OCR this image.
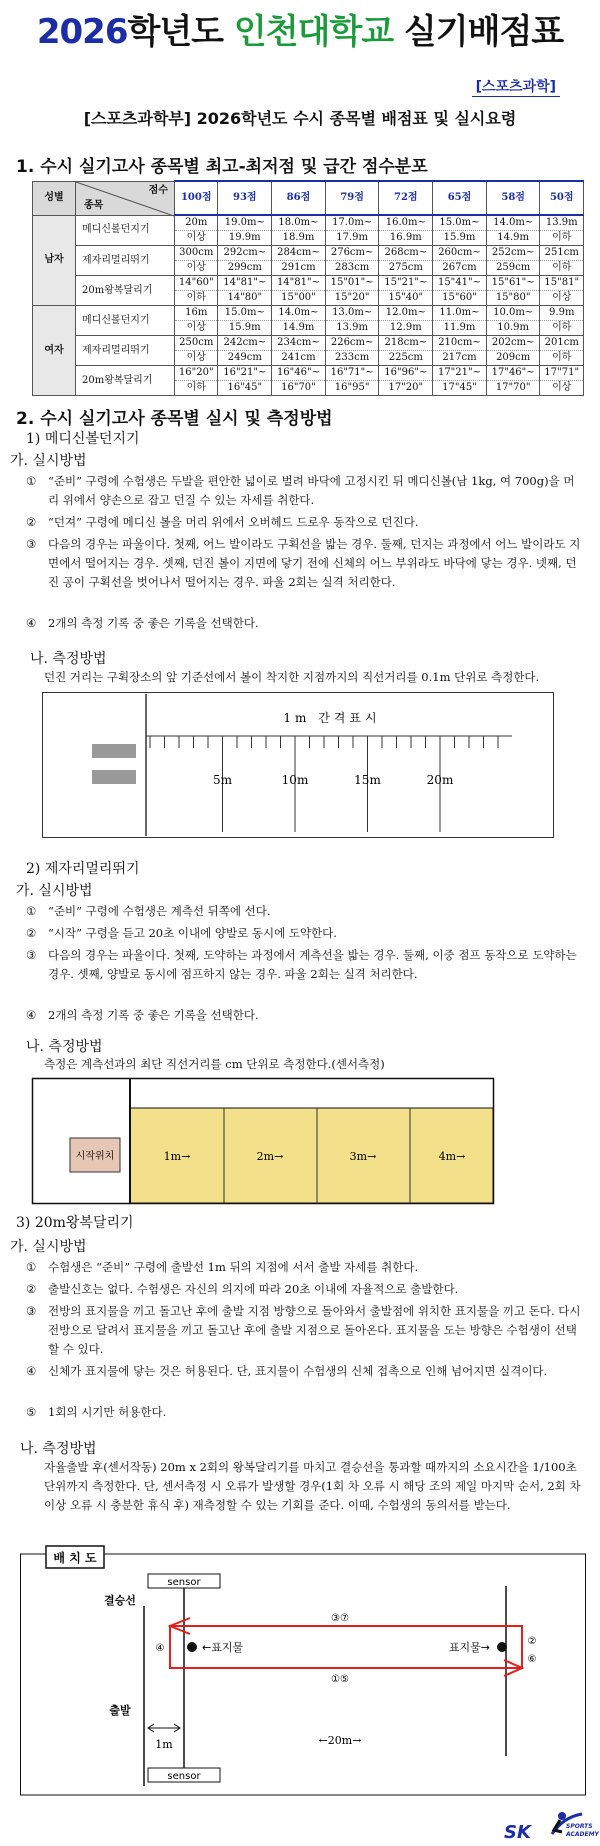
2026학년도 인천대학교 실기배점표
[스포츠과학]
[스포츠과학부] 2026학년도 수시 종목별 배점표 및 실시요령
1. 수시 실기고사 종목별 최고-최저점 및 급간 점수분포
성별	점수
종목	100점	93점	86점	79점	72점	65점	58점	50점
남자	메디신볼던지기	20m	19.0m~	18.0m~	17.0m~	16.0m~	15.0m~	14.0m~	13.9m
		이상	19.9m	18.9m	17.9m	16.9m	15.9m	14.9m	이하
	제자리멀리뛰기	300cm	292cm~	284cm~	276cm~	268cm~	260cm~	252cm~	251cm
		이상	299cm	291cm	283cm	275cm	267cm	259cm	이하
	20m왕복달리기	14"60"	14"81"~	14"81"~	15"01"~	15"21"~	15"41"~	15"61"~	15"81"
		이하	14"80"	15"00"	15"20"	15"40"	15"60"	15"80"	이상
여자	메디신볼던지기	16m	15.0m~	14.0m~	13.0m~	12.0m~	11.0m~	10.0m~	9.9m
		이상	15.9m	14.9m	13.9m	12.9m	11.9m	10.9m	이하
	제자리멀리뛰기	250cm	242cm~	234cm~	226cm~	218cm~	210cm~	202cm~	201cm
		이상	249cm	241cm	233cm	225cm	217cm	209cm	이하
	20m왕복달리기	16"20"	16"21"~	16"46"~	16"71"~	16"96"~	17"21"~	17"46"~	17"71"
		이하	16"45"	16"70"	16"95"	17"20"	17"45"	17"70"	이상
2. 수시 실기고사 종목별 실시 및 측정방법
1) 메디신볼던지기
가. 실시방법
① “준비” 구령에 수험생은 두발을 편안한 넓이로 벌려 바닥에 고정시킨 뒤 메디신볼(남 1kg, 여 700g)을 머리 위에서 양손으로 잡고 던질 수 있는 자세를 취한다.
② “던져” 구령에 메디신 볼을 머리 위에서 오버헤드 드로우 동작으로 던진다.
③ 다음의 경우는 파울이다. 첫째, 어느 발이라도 구획선을 밟는 경우. 둘째, 던지는 과정에서 어느 발이라도 지면에서 떨어지는 경우. 셋째, 던진 볼이 지면에 닿기 전에 신체의 어느 부위라도 바닥에 닿는 경우. 넷째, 던진 공이 구획선을 벗어나서 떨어지는 경우. 파울 2회는 실격 처리한다.
④ 2개의 측정 기록 중 좋은 기록을 선택한다.
나. 측정방법
던진 거리는 구획장소의 앞 기준선에서 볼이 착지한 지점까지의 직선거리를 0.1m 단위로 측정한다.
5m	10m	15m	20m
1m 간격표시
2) 제자리멀리뛰기
가. 실시방법
① “준비” 구령에 수험생은 계측선 뒤쪽에 선다.
② “시작” 구령을 듣고 20초 이내에 양발로 동시에 도약한다.
③ 다음의 경우는 파울이다. 첫째, 도약하는 과정에서 계측선을 밟는 경우. 둘째, 이중 점프 동작으로 도약하는 경우. 셋째, 양발로 동시에 점프하지 않는 경우. 파울 2회는 실격 처리한다.
④ 2개의 측정 기록 중 좋은 기록을 선택한다.
나. 측정방법
측정은 계측선과의 최단 직선거리를 cm 단위로 측정한다.(센서측정)
시작위치	1m→	2m→	3m→	4m→
3) 20m왕복달리기
가. 실시방법
① 수험생은 “준비” 구령에 출발선 1m 뒤의 지점에 서서 출발 자세를 취한다.
② 출발신호는 없다. 수험생은 자신의 의지에 따라 20초 이내에 자율적으로 출발한다.
③ 전방의 표지물을 끼고 돌고난 후에 출발 지점 방향으로 돌아와서 출발점에 위치한 표지물을 끼고 돈다. 다시 전방으로 달려서 표지물을 끼고 돌고난 후에 출발 지점으로 돌아온다. 표지물을 도는 방향은 수험생이 선택할 수 있다.
④ 신체가 표지물에 닿는 것은 허용된다. 단, 표지물이 수험생의 신체 접촉으로 인해 넘어지면 실격이다.
⑤ 1회의 시기만 허용한다.
나. 측정방법
자율출발 후(센서작동) 20m x 2회의 왕복달리기를 마치고 결승선을 통과할 때까지의 소요시간을 1/100초 단위까지 측정한다. 단, 센서측정 시 오류가 발생할 경우(1회 차 오류 시 해당 조의 제일 마지막 순서, 2회 차 이상 오류 시 충분한 휴식 후) 재측정할 수 있는 기회를 준다. 이때, 수험생의 동의서를 받는다.
배 치 도
sensor
sensor
결승선
출발
←표지물	표지물→
③⑦
①⑤
④
②
⑥
1m	←20m→
SK	SPORTS
ACADEMY
